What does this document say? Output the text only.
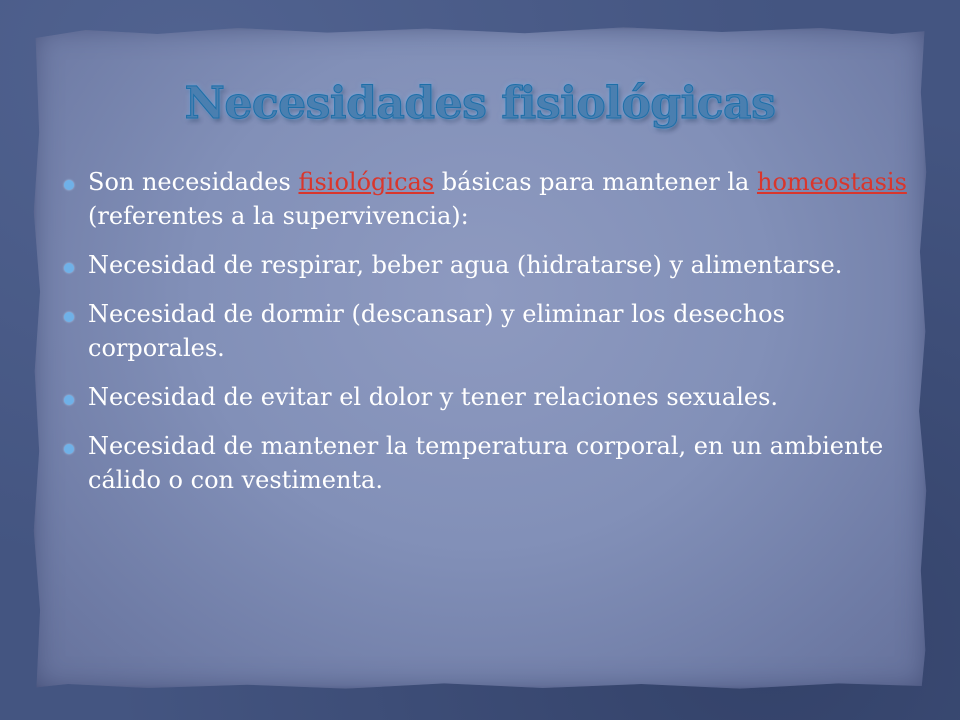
Necesidades fisiológicas
Son necesidades fisiológicas básicas para mantener la homeostasis (referentes a la supervivencia):
Necesidad de respirar, beber agua (hidratarse) y alimentarse.
Necesidad de dormir (descansar) y eliminar los desechos corporales.
Necesidad de evitar el dolor y tener relaciones sexuales.
Necesidad de mantener la temperatura corporal, en un ambiente cálido o con vestimenta.
